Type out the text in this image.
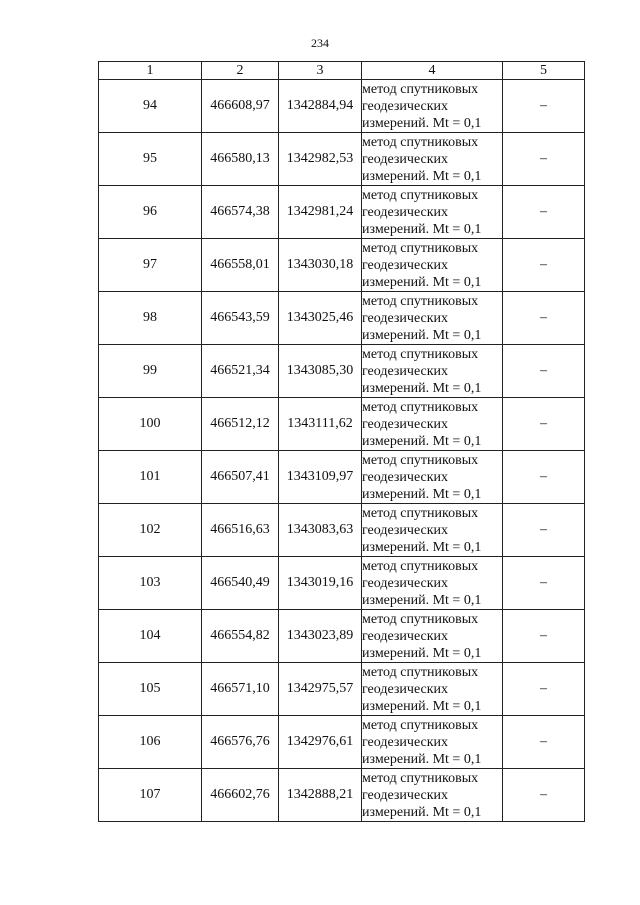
234
1	2	3	4	5
94	466608,97	1342884,94	метод спутниковых
геодезических
измерений. Mt = 0,1	–
95	466580,13	1342982,53	метод спутниковых
геодезических
измерений. Mt = 0,1	–
96	466574,38	1342981,24	метод спутниковых
геодезических
измерений. Mt = 0,1	–
97	466558,01	1343030,18	метод спутниковых
геодезических
измерений. Mt = 0,1	–
98	466543,59	1343025,46	метод спутниковых
геодезических
измерений. Mt = 0,1	–
99	466521,34	1343085,30	метод спутниковых
геодезических
измерений. Mt = 0,1	–
100	466512,12	1343111,62	метод спутниковых
геодезических
измерений. Mt = 0,1	–
101	466507,41	1343109,97	метод спутниковых
геодезических
измерений. Mt = 0,1	–
102	466516,63	1343083,63	метод спутниковых
геодезических
измерений. Mt = 0,1	–
103	466540,49	1343019,16	метод спутниковых
геодезических
измерений. Mt = 0,1	–
104	466554,82	1343023,89	метод спутниковых
геодезических
измерений. Mt = 0,1	–
105	466571,10	1342975,57	метод спутниковых
геодезических
измерений. Mt = 0,1	–
106	466576,76	1342976,61	метод спутниковых
геодезических
измерений. Mt = 0,1	–
107	466602,76	1342888,21	метод спутниковых
геодезических
измерений. Mt = 0,1	–
